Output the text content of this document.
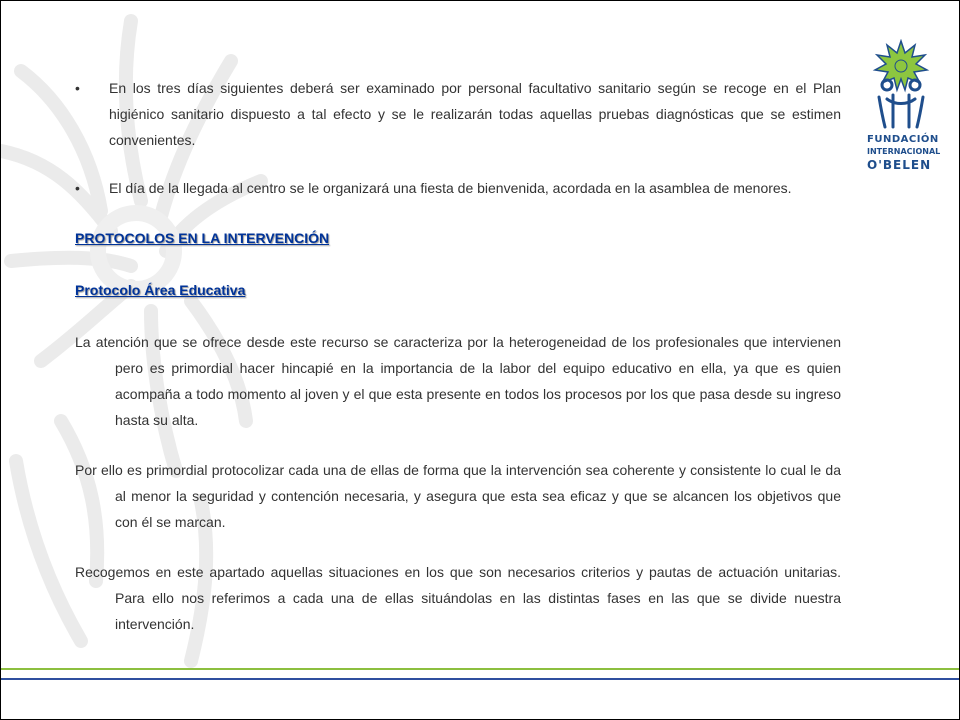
FUNDACIÓN
INTERNACIONAL
O'BELEN
• En los tres días siguientes deberá ser examinado por personal facultativo sanitario según se recoge en el Plan higiénico sanitario dispuesto a tal efecto y se le realizarán todas aquellas pruebas diagnósticas que se estimen convenientes.
• El día de la llegada al centro se le organizará una fiesta de bienvenida, acordada en la asamblea de menores.
PROTOCOLOS EN LA INTERVENCIÓN
Protocolo Área Educativa
La atención que se ofrece desde este recurso se caracteriza por la heterogeneidad de los profesionales que intervienen pero es primordial hacer hincapié en la importancia de la labor del equipo educativo en ella, ya que es quien acompaña a todo momento al joven y el que esta presente en todos los procesos por los que pasa desde su ingreso hasta su alta.
Por ello es primordial protocolizar cada una de ellas de forma que la intervención sea coherente y consistente lo cual le da al menor la seguridad y contención necesaria, y asegura que esta sea eficaz y que se alcancen los objetivos que con él se marcan.
Recogemos en este apartado aquellas situaciones en los que son necesarios criterios y pautas de actuación unitarias. Para ello nos referimos a cada una de ellas situándolas en las distintas fases en las que se divide nuestra intervención.
